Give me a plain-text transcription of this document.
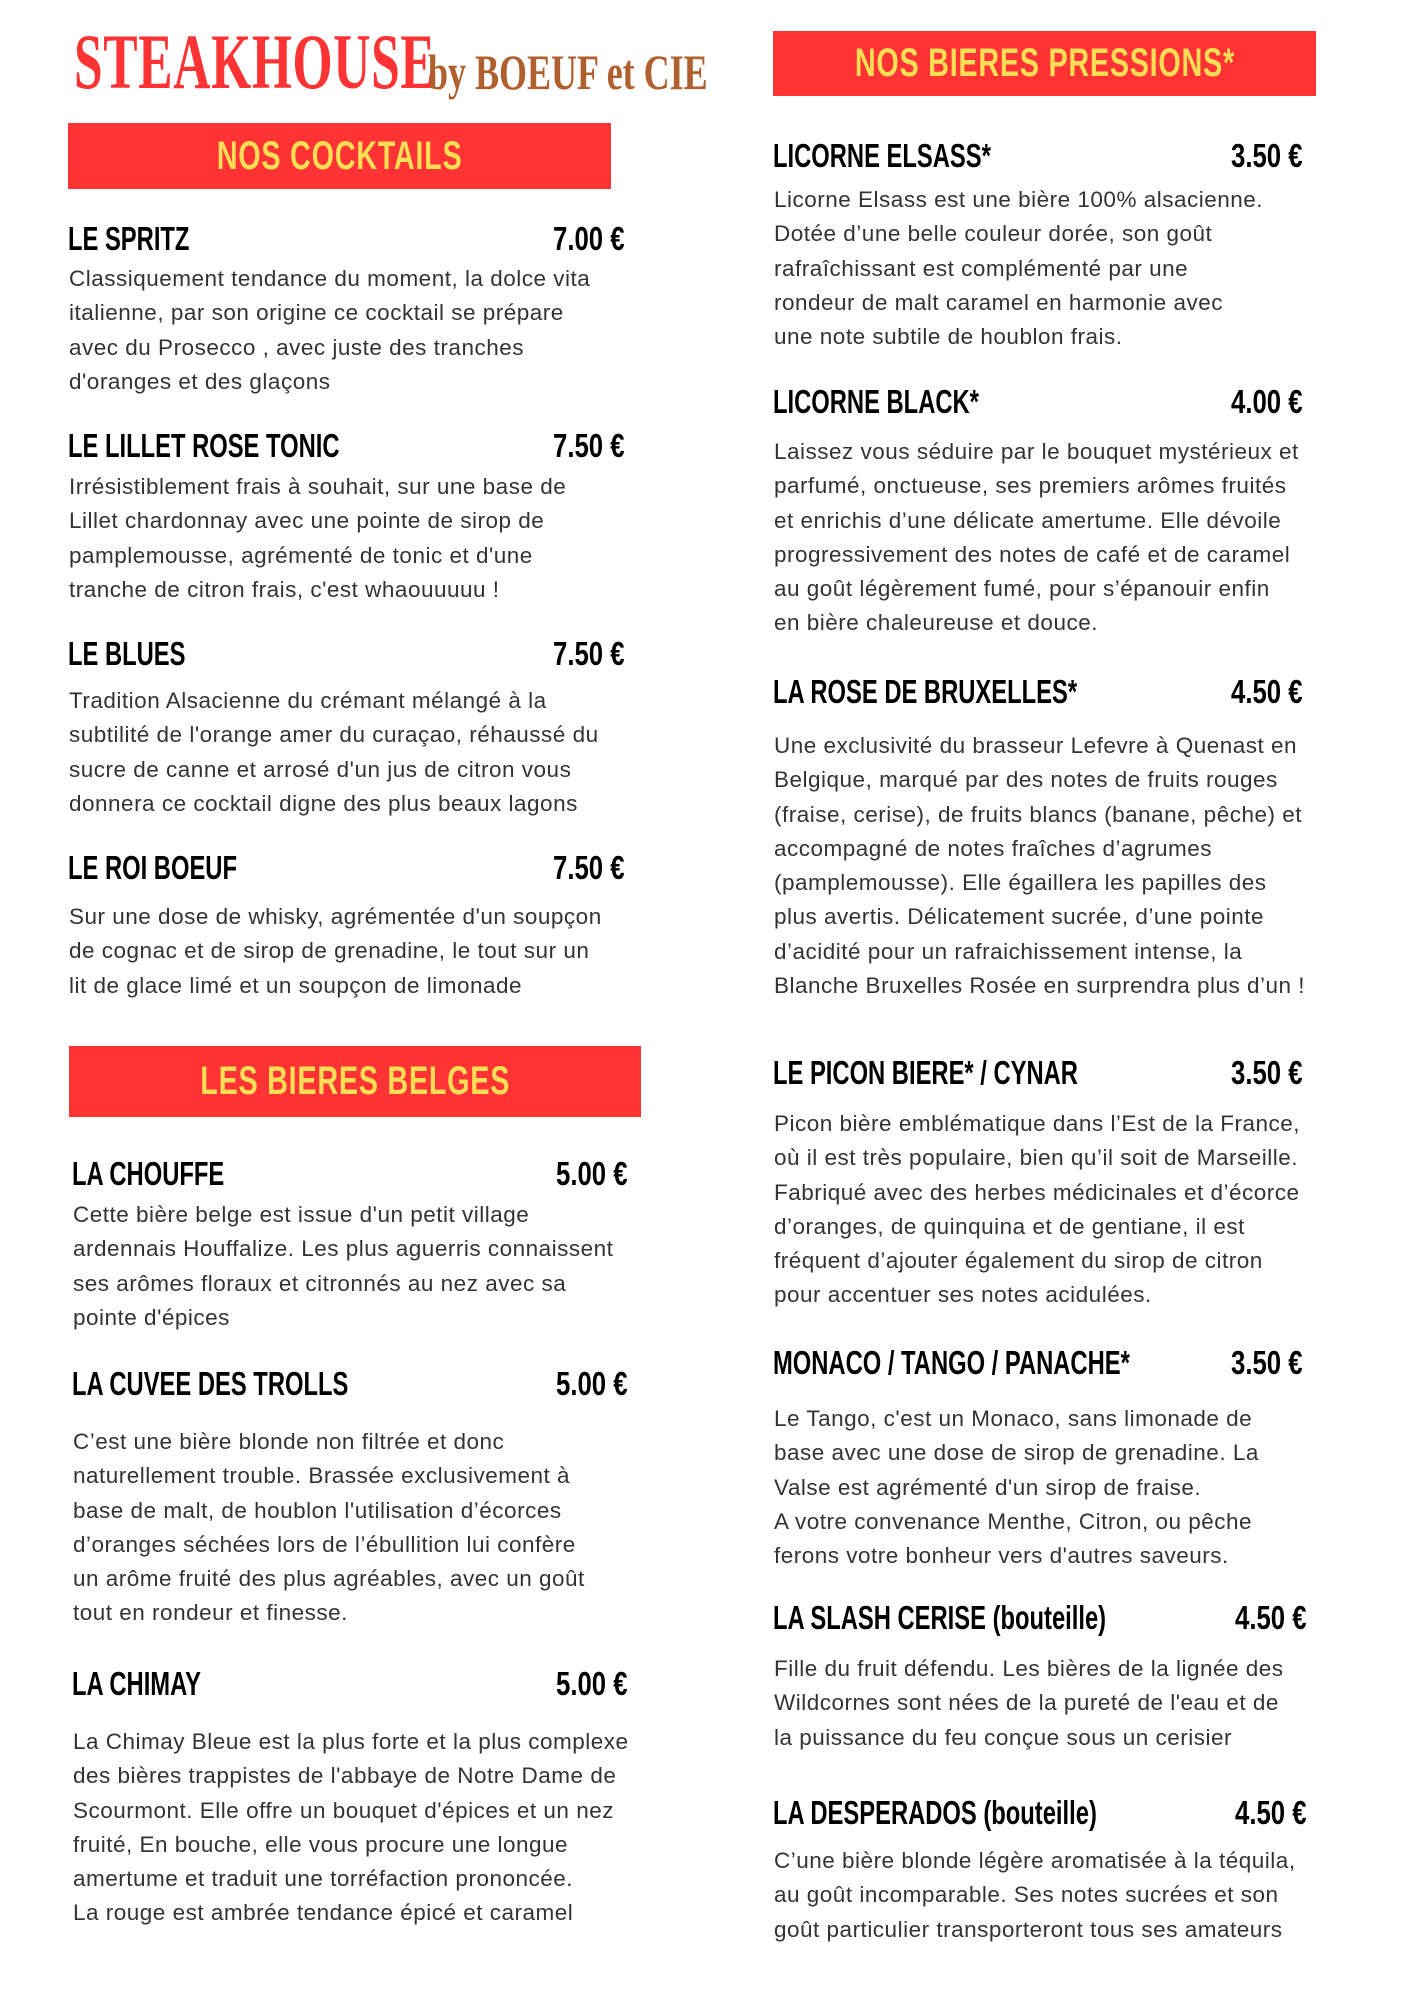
STEAKHOUSE
by BOEUF et CIE
NOS COCKTAILS
LE SPRITZ	7.00 €
Classiquement tendance du moment, la dolce vita
italienne, par son origine ce cocktail se prépare
avec du Prosecco , avec juste des tranches
d'oranges et des glaçons
LE LILLET ROSE TONIC	7.50 €
Irrésistiblement frais à souhait, sur une base de
Lillet chardonnay avec une pointe de sirop de
pamplemousse, agrémenté de tonic et d'une
tranche de citron frais, c'est whaouuuuu !
LE BLUES	7.50 €
Tradition Alsacienne du crémant mélangé à la
subtilité de l'orange amer du curaçao, réhaussé du
sucre de canne et arrosé d'un jus de citron vous
donnera ce cocktail digne des plus beaux lagons
LE ROI BOEUF	7.50 €
Sur une dose de whisky, agrémentée d'un soupçon
de cognac et de sirop de grenadine, le tout sur un
lit de glace limé et un soupçon de limonade
LES BIERES BELGES
LA CHOUFFE	5.00 €
Cette bière belge est issue d'un petit village
ardennais Houffalize. Les plus aguerris connaissent
ses arômes floraux et citronnés au nez avec sa
pointe d'épices
LA CUVEE DES TROLLS	5.00 €
C’est une bière blonde non filtrée et donc
naturellement trouble. Brassée exclusivement à
base de malt, de houblon l'utilisation d’écorces
d’oranges séchées lors de l’ébullition lui confère
un arôme fruité des plus agréables, avec un goût
tout en rondeur et finesse.
LA CHIMAY	5.00 €
La Chimay Bleue est la plus forte et la plus complexe
des bières trappistes de l'abbaye de Notre Dame de
Scourmont. Elle offre un bouquet d'épices et un nez
fruité, En bouche, elle vous procure une longue
amertume et traduit une torréfaction prononcée.
La rouge est ambrée tendance épicé et caramel
NOS BIERES PRESSIONS*
LICORNE ELSASS*	3.50 €
Licorne Elsass est une bière 100% alsacienne.
Dotée d’une belle couleur dorée, son goût
rafraîchissant est complémenté par une
rondeur de malt caramel en harmonie avec
une note subtile de houblon frais.
LICORNE BLACK*	4.00 €
Laissez vous séduire par le bouquet mystérieux et
parfumé, onctueuse, ses premiers arômes fruités
et enrichis d’une délicate amertume. Elle dévoile
progressivement des notes de café et de caramel
au goût légèrement fumé, pour s’épanouir enfin
en bière chaleureuse et douce.
LA ROSE DE BRUXELLES*	4.50 €
Une exclusivité du brasseur Lefevre à Quenast en
Belgique, marqué par des notes de fruits rouges
(fraise, cerise), de fruits blancs (banane, pêche) et
accompagné de notes fraîches d’agrumes
(pamplemousse). Elle égaillera les papilles des
plus avertis. Délicatement sucrée, d’une pointe
d’acidité pour un rafraichissement intense, la
Blanche Bruxelles Rosée en surprendra plus d’un !
LE PICON BIERE* / CYNAR	3.50 €
Picon bière emblématique dans l’Est de la France,
où il est très populaire, bien qu’il soit de Marseille.
Fabriqué avec des herbes médicinales et d’écorce
d’oranges, de quinquina et de gentiane, il est
fréquent d’ajouter également du sirop de citron
pour accentuer ses notes acidulées.
MONACO / TANGO / PANACHE*	3.50 €
Le Tango, c'est un Monaco, sans limonade de
base avec une dose de sirop de grenadine. La
Valse est agrémenté d'un sirop de fraise.
A votre convenance Menthe, Citron, ou pêche
ferons votre bonheur vers d'autres saveurs.
LA SLASH CERISE (bouteille)	4.50 €
Fille du fruit défendu. Les bières de la lignée des
Wildcornes sont nées de la pureté de l'eau et de
la puissance du feu conçue sous un cerisier
LA DESPERADOS (bouteille)	4.50 €
C’une bière blonde légère aromatisée à la téquila,
au goût incomparable. Ses notes sucrées et son
goût particulier transporteront tous ses amateurs
